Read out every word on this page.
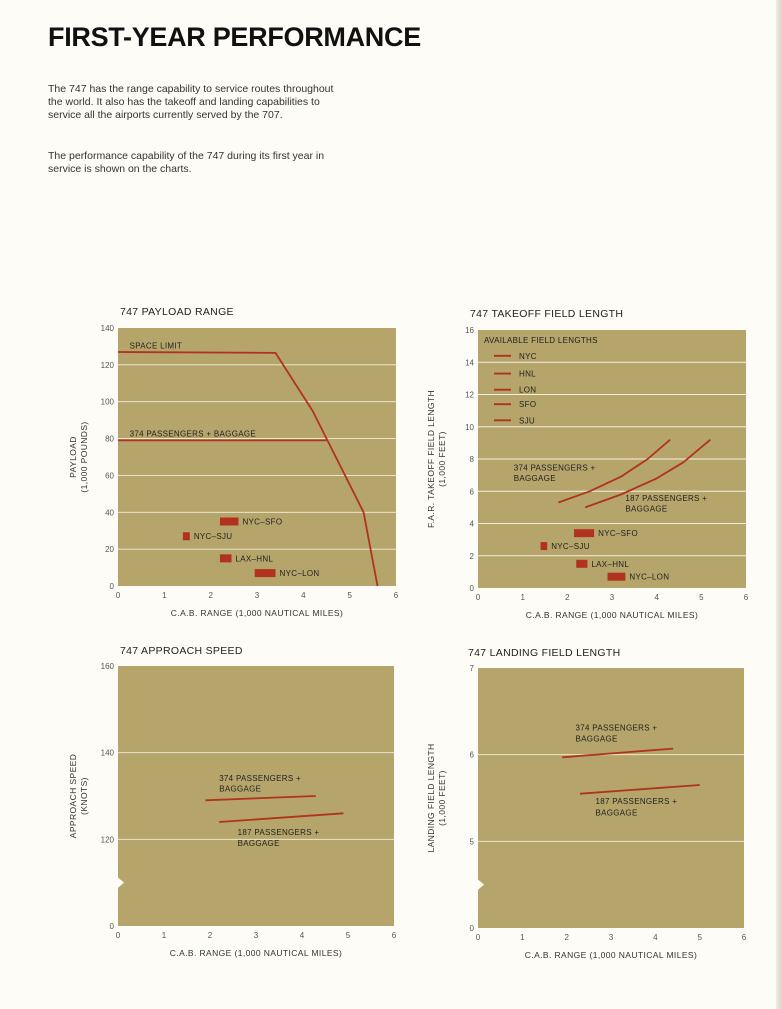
FIRST-YEAR PERFORMANCE

The 747 has the range capability to service routes throughout the world. It also has the takeoff and landing capabilities to service all the airports currently served by the 707.

The performance capability of the 747 during its first year in service is shown on the charts.

747 PAYLOAD RANGE
0
20
40
60
80
100
120
140
0	1	2	3	4	5	6
C.A.B. RANGE (1,000 NAUTICAL MILES)
PAYLOAD (1,000 POUNDS)
SPACE LIMIT
374 PASSENGERS + BAGGAGE
NYC–SFO
NYC–SJU
LAX–HNL
NYC–LON
747 TAKEOFF FIELD LENGTH
0
2
4
6
8
10
12
14
16
0	1	2	3	4	5	6
C.A.B. RANGE (1,000 NAUTICAL MILES)
F.A.R. TAKEOFF FIELD LENGTH (1,000 FEET)	374 PASSENGERS +
BAGGAGE
187 PASSENGERS +
BAGGAGE
AVAILABLE FIELD LENGTHS
NYC
HNL
LON
SFO
SJU
NYC–SFO
NYC–SJU
LAX–HNL
NYC–LON
747 APPROACH SPEED
0
120
140
160
0	1	2	3	4	5	6
C.A.B. RANGE (1,000 NAUTICAL MILES)
APPROACH SPEED (KNOTS)	374 PASSENGERS +
BAGGAGE
187 PASSENGERS +
BAGGAGE
747 LANDING FIELD LENGTH
0
5
6
7
0	1	2	3	4	5	6
C.A.B. RANGE (1,000 NAUTICAL MILES)
LANDING FIELD LENGTH (1,000 FEET)
374 PASSENGERS +
BAGGAGE
187 PASSENGERS +
BAGGAGE
